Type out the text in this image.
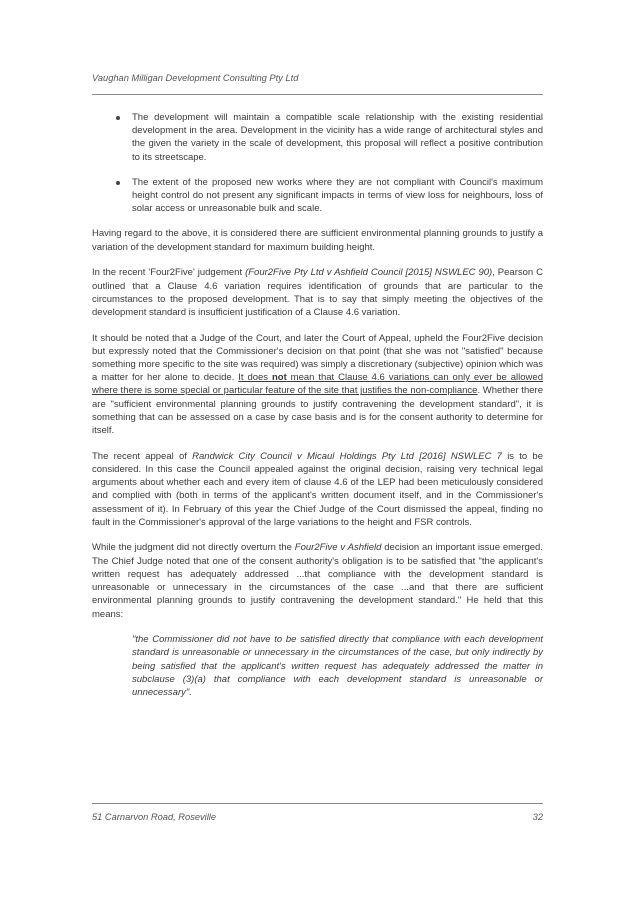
Vaughan Milligan Development Consulting Pty Ltd
The development will maintain a compatible scale relationship with the existing residential development in the area. Development in the vicinity has a wide range of architectural styles and the given the variety in the scale of development, this proposal will reflect a positive contribution to its streetscape.
The extent of the proposed new works where they are not compliant with Council's maximum height control do not present any significant impacts in terms of view loss for neighbours, loss of solar access or unreasonable bulk and scale.

Having regard to the above, it is considered there are sufficient environmental planning grounds to justify a variation of the development standard for maximum building height.

In the recent 'Four2Five' judgement (Four2Five Pty Ltd v Ashfield Council [2015] NSWLEC 90), Pearson C outlined that a Clause 4.6 variation requires identification of grounds that are particular to the circumstances to the proposed development. That is to say that simply meeting the objectives of the development standard is insufficient justification of a Clause 4.6 variation.

It should be noted that a Judge of the Court, and later the Court of Appeal, upheld the Four2Five decision but expressly noted that the Commissioner's decision on that point (that she was not "satisfied" because something more specific to the site was required) was simply a discretionary (subjective) opinion which was a matter for her alone to decide. It does not mean that Clause 4.6 variations can only ever be allowed where there is some special or particular feature of the site that justifies the non-compliance. Whether there are "sufficient environmental planning grounds to justify contravening the development standard", it is something that can be assessed on a case by case basis and is for the consent authority to determine for itself.

The recent appeal of Randwick City Council v Micaul Holdings Pty Ltd [2016] NSWLEC 7 is to be considered. In this case the Council appealed against the original decision, raising very technical legal arguments about whether each and every item of clause 4.6 of the LEP had been meticulously considered and complied with (both in terms of the applicant's written document itself, and in the Commissioner's assessment of it). In February of this year the Chief Judge of the Court dismissed the appeal, finding no fault in the Commissioner's approval of the large variations to the height and FSR controls.

While the judgment did not directly overturn the Four2Five v Ashfield decision an important issue emerged. The Chief Judge noted that one of the consent authority's obligation is to be satisfied that "the applicant's written request has adequately addressed ...that compliance with the development standard is unreasonable or unnecessary in the circumstances of the case ...and that there are sufficient environmental planning grounds to justify contravening the development standard." He held that this means:

"the Commissioner did not have to be satisfied directly that compliance with each development standard is unreasonable or unnecessary in the circumstances of the case, but only indirectly by being satisfied that the applicant's written request has adequately addressed the matter in subclause (3)(a) that compliance with each development standard is unreasonable or unnecessary".

51 Carnarvon Road, Roseville	32
